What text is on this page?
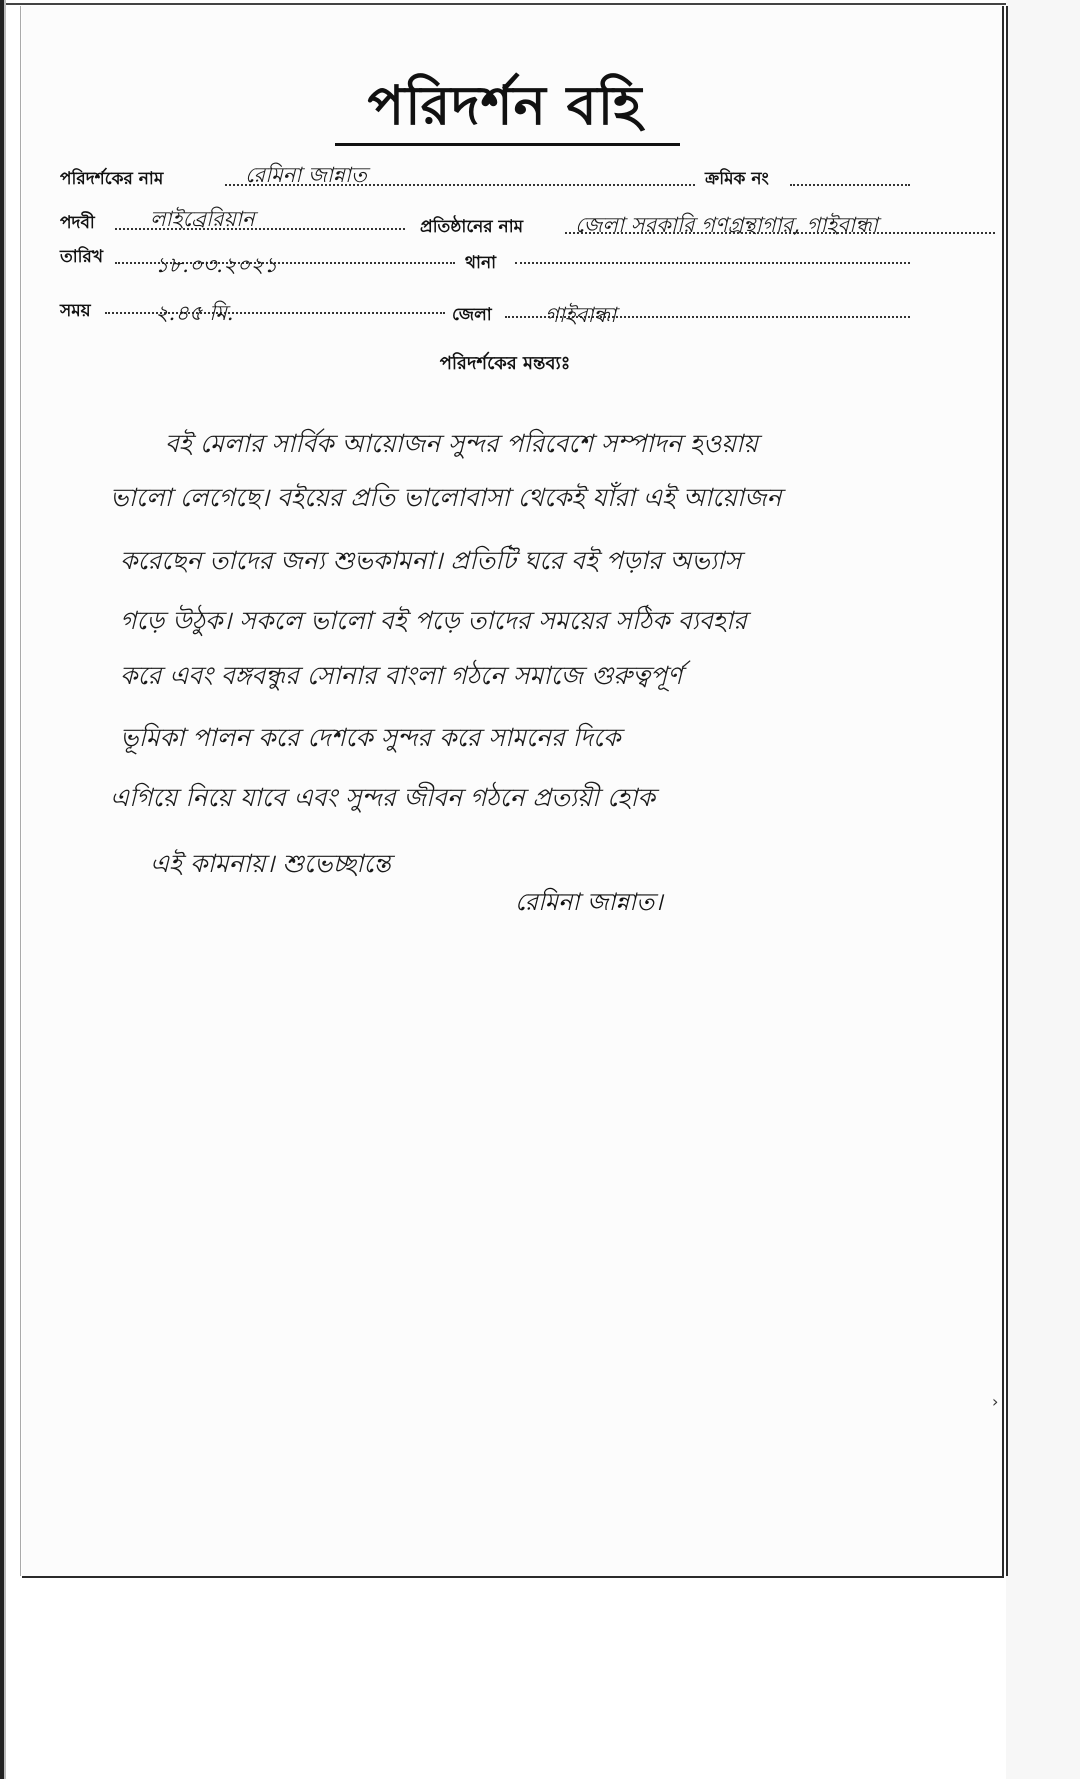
পরিদর্শন বহি
পরিদর্শকের নাম	রেমিনা জান্নাত	ক্রমিক নং
পদবী	লাইব্রেরিয়ান	প্রতিষ্ঠানের নাম জেলা সরকারি গণগ্রন্থাগার, গাইবান্ধা
তারিখ ১৮.০৩.২০২১	থানা
সময়	২.৪৫ মি.	জেলা	গাইবান্ধা
পরিদর্শকের মন্তব্যঃ
বই মেলার সার্বিক আয়োজন সুন্দর পরিবেশে সম্পাদন হওয়ায়
ভালো লেগেছে। বইয়ের প্রতি ভালোবাসা থেকেই যাঁরা এই আয়োজন
করেছেন তাদের জন্য শুভকামনা। প্রতিটি ঘরে বই পড়ার অভ্যাস
গড়ে উঠুক। সকলে ভালো বই পড়ে তাদের সময়ের সঠিক ব্যবহার
করে এবং বঙ্গবন্ধুর সোনার বাংলা গঠনে সমাজে গুরুত্বপূর্ণ
ভূমিকা পালন করে দেশকে সুন্দর করে সামনের দিকে
এগিয়ে নিয়ে যাবে এবং সুন্দর জীবন গঠনে প্রত্যয়ী হোক
এই কামনায়। শুভেচ্ছান্তে
রেমিনা জান্নাত।
›
